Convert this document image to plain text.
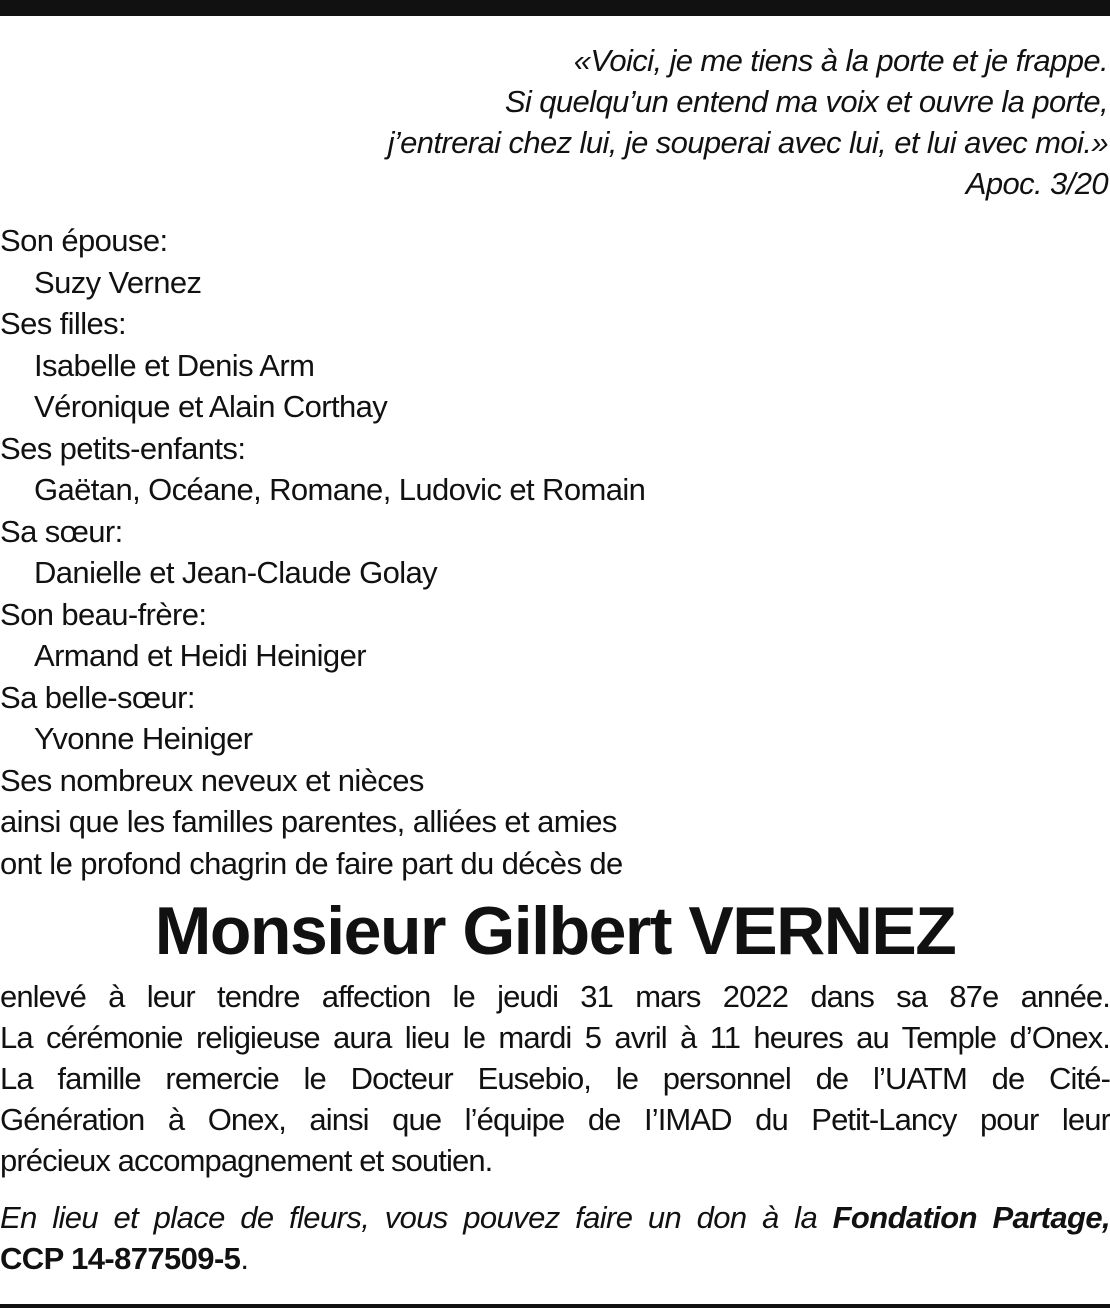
«Voici, je me tiens à la porte et je frappe.
Si quelqu’un entend ma voix et ouvre la porte,
j’entrerai chez lui, je souperai avec lui, et lui avec moi.»
Apoc. 3/20
Son épouse:
Suzy Vernez
Ses filles:
Isabelle et Denis Arm
Véronique et Alain Corthay
Ses petits-enfants:
Gaëtan, Océane, Romane, Ludovic et Romain
Sa sœur:
Danielle et Jean-Claude Golay
Son beau-frère:
Armand et Heidi Heiniger
Sa belle-sœur:
Yvonne Heiniger
Ses nombreux neveux et nièces
ainsi que les familles parentes, alliées et amies
ont le profond chagrin de faire part du décès de
Monsieur Gilbert VERNEZ
enlevé à leur tendre affection le jeudi 31 mars 2022 dans sa 87e année.
La cérémonie religieuse aura lieu le mardi 5 avril à 11 heures au Temple d’Onex.
La famille remercie le Docteur Eusebio, le personnel de l’UATM de Cité-
Génération à Onex, ainsi que l’équipe de I’IMAD du Petit-Lancy pour leur
précieux accompagnement et soutien.
En lieu et place de fleurs, vous pouvez faire un don à la Fondation Partage,
CCP 14-877509-5.
